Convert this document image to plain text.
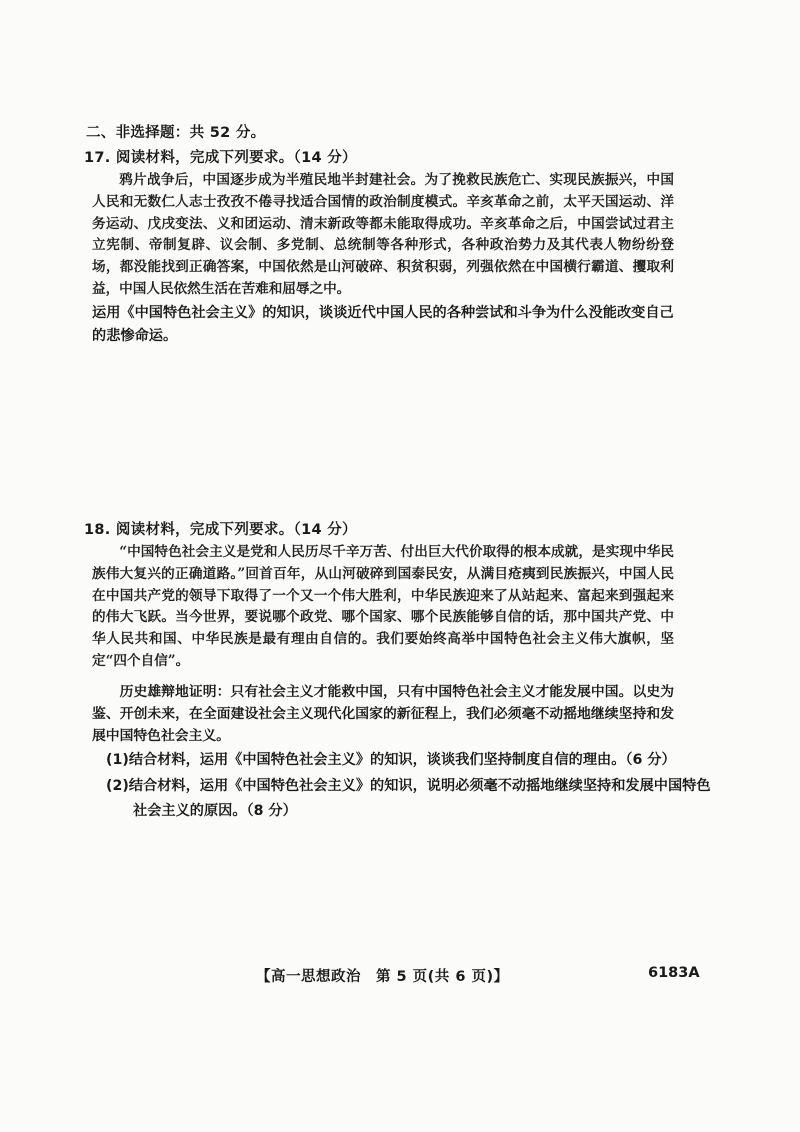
二、非选择题：共 52 分。
17. 阅读材料，完成下列要求。（14 分）

鸦片战争后，中国逐步成为半殖民地半封建社会。为了挽救民族危亡、实现民族振兴，中国人民和无数仁人志士孜孜不倦寻找适合国情的政治制度模式。辛亥革命之前，太平天国运动、洋务运动、戊戌变法、义和团运动、清末新政等都未能取得成功。辛亥革命之后，中国尝试过君主立宪制、帝制复辟、议会制、多党制、总统制等各种形式，各种政治势力及其代表人物纷纷登场，都没能找到正确答案，中国依然是山河破碎、积贫积弱，列强依然在中国横行霸道、攫取利益，中国人民依然生活在苦难和屈辱之中。

运用《中国特色社会主义》的知识，谈谈近代中国人民的各种尝试和斗争为什么没能改变自己的悲惨命运。

18. 阅读材料，完成下列要求。（14 分）

“中国特色社会主义是党和人民历尽千辛万苦、付出巨大代价取得的根本成就，是实现中华民族伟大复兴的正确道路。”回首百年，从山河破碎到国泰民安，从满目疮痍到民族振兴，中国人民在中国共产党的领导下取得了一个又一个伟大胜利，中华民族迎来了从站起来、富起来到强起来的伟大飞跃。当今世界，要说哪个政党、哪个国家、哪个民族能够自信的话，那中国共产党、中华人民共和国、中华民族是最有理由自信的。我们要始终高举中国特色社会主义伟大旗帜，坚定“四个自信”。

历史雄辩地证明：只有社会主义才能救中国，只有中国特色社会主义才能发展中国。以史为鉴、开创未来，在全面建设社会主义现代化国家的新征程上，我们必须毫不动摇地继续坚持和发展中国特色社会主义。

(1)结合材料，运用《中国特色社会主义》的知识，谈谈我们坚持制度自信的理由。（6 分）

(2)结合材料，运用《中国特色社会主义》的知识，说明必须毫不动摇地继续坚持和发展中国特色社会主义的原因。（8 分）

【高一思想政治　第 5 页(共 6 页)】	6183A
